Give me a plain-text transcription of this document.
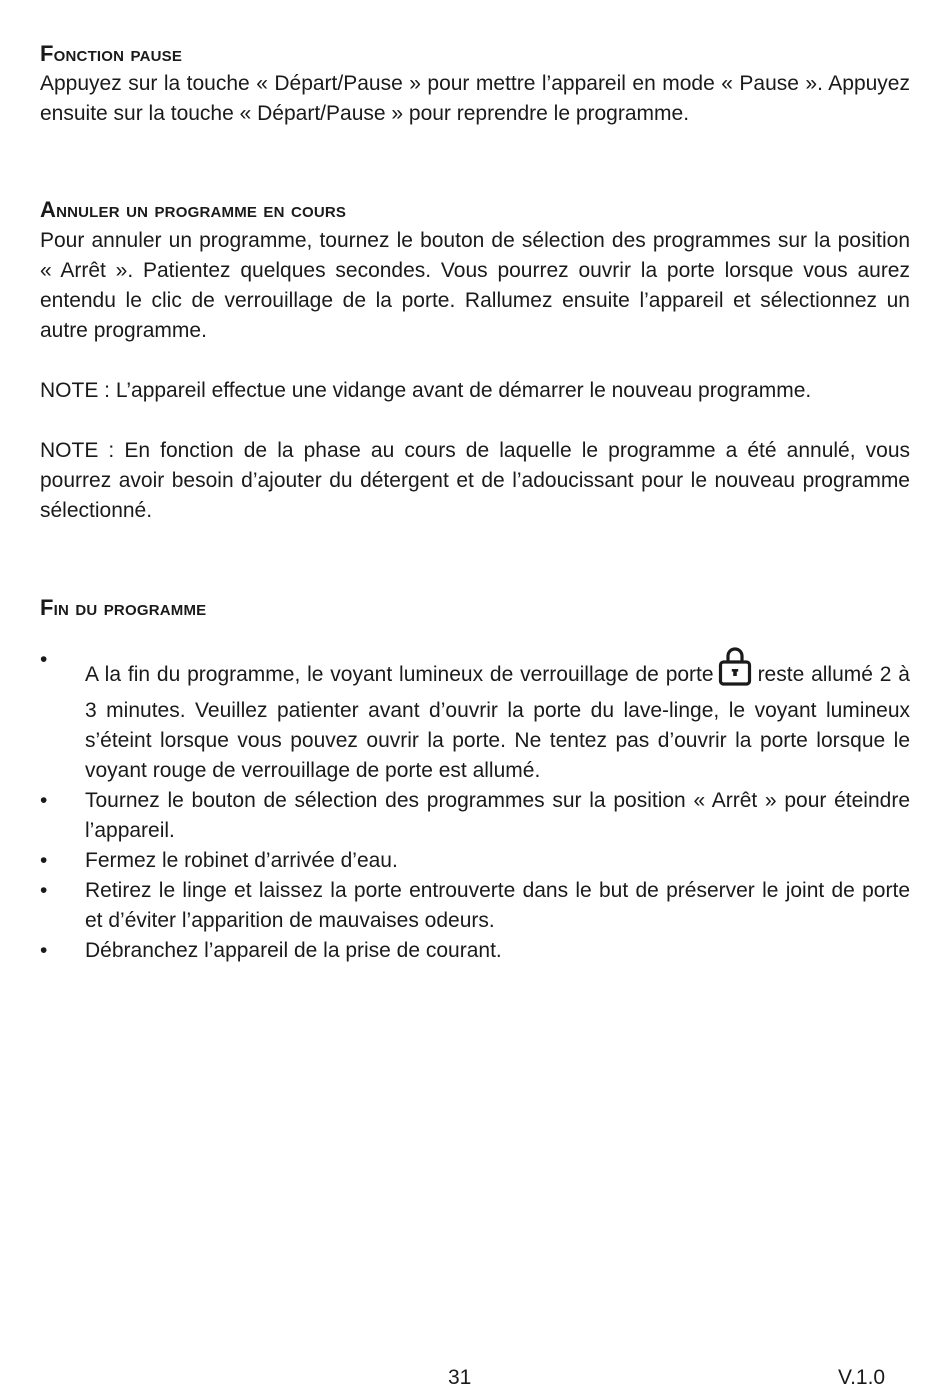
Fonction pause

Appuyez sur la touche « Départ/Pause » pour mettre l’appareil en mode « Pause ». Appuyez ensuite sur la touche « Départ/Pause » pour reprendre le programme.

Annuler un programme en cours

Pour annuler un programme, tournez le bouton de sélection des programmes sur la position « Arrêt ». Patientez quelques secondes. Vous pourrez ouvrir la porte lorsque vous aurez entendu le clic de verrouillage de la porte. Rallumez ensuite l’appareil et sélectionnez un autre programme.

NOTE : L’appareil effectue une vidange avant de démarrer le nouveau programme.

NOTE : En fonction de la phase au cours de laquelle le programme a été annulé, vous pourrez avoir besoin d’ajouter du détergent et de l’adoucissant pour le nouveau programme sélectionné.

Fin du programme
•
A la fin du programme, le voyant lumineux de verrouillage de porte reste allumé 2 à 3 minutes. Veuillez patienter avant d’ouvrir la porte du lave-linge, le voyant lumineux s’éteint lorsque vous pouvez ouvrir la porte. Ne tentez pas d’ouvrir la porte lorsque le voyant rouge de verrouillage de porte est allumé.
•	Tournez le bouton de sélection des programmes sur la position « Arrêt » pour éteindre l’appareil.
•	Fermez le robinet d’arrivée d’eau.
•	Retirez le linge et laissez la porte entrouverte dans le but de préserver le joint de porte et d’éviter l’apparition de mauvaises odeurs.
•	Débranchez l’appareil de la prise de courant.
31	V.1.0
